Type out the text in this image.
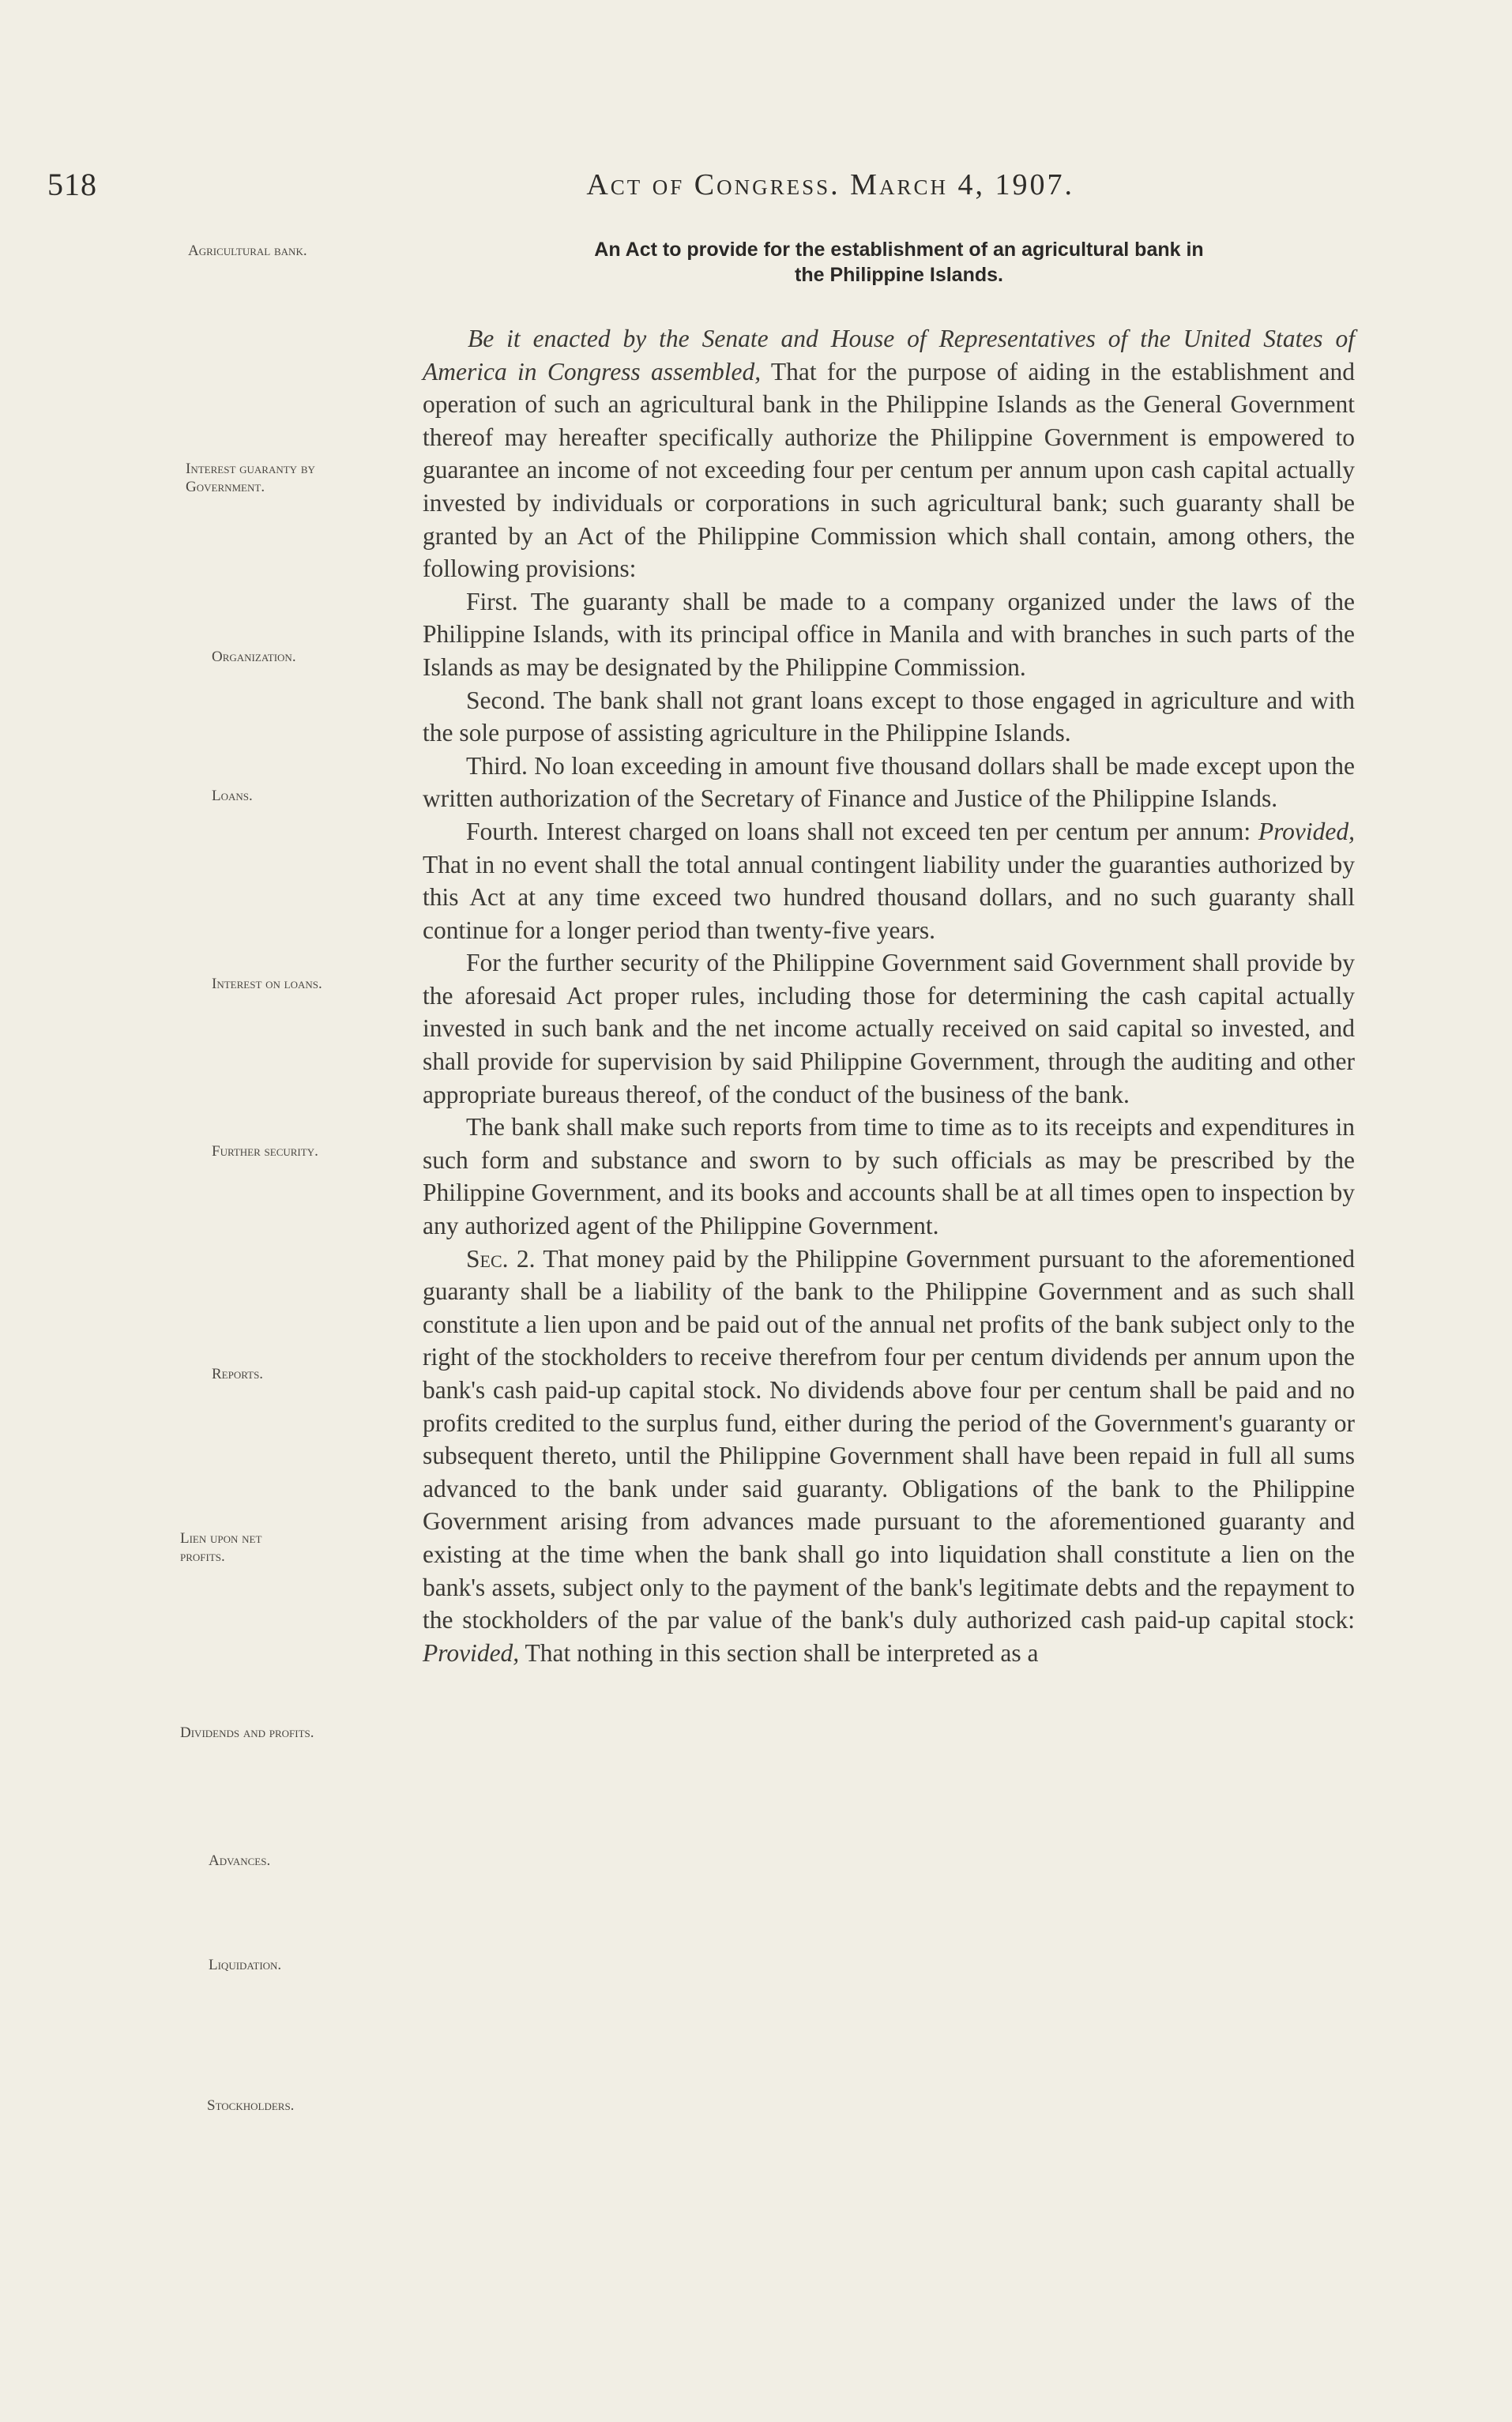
518	Act of Congress. March 4, 1907.
An Act to provide for the establishment of an agricultural bank in
the Philippine Islands.
Agricultural bank.
Interest guaranty by Government.
Organization.
Loans.
Interest on loans.
Further security.
Reports.
Lien upon net profits.
Dividends and profits.
Advances.
Liquidation.
Stockholders.

Be it enacted by the Senate and House of Representatives of the United States of America in Congress assembled, That for the purpose of aiding in the establishment and operation of such an agricultural bank in the Philippine Islands as the General Government thereof may hereafter specifically authorize the Philippine Government is empowered to guarantee an income of not exceeding four per centum per annum upon cash capital actually invested by individuals or corporations in such agricultural bank; such guaranty shall be granted by an Act of the Philippine Commission which shall contain, among others, the following provisions:

First. The guaranty shall be made to a company organized under the laws of the Philippine Islands, with its principal office in Manila and with branches in such parts of the Islands as may be designated by the Philippine Commission.

Second. The bank shall not grant loans except to those engaged in agriculture and with the sole purpose of assisting agriculture in the Philippine Islands.

Third. No loan exceeding in amount five thousand dollars shall be made except upon the written authorization of the Secretary of Finance and Justice of the Philippine Islands.

Fourth. Interest charged on loans shall not exceed ten per centum per annum: Provided, That in no event shall the total annual contingent liability under the guaranties authorized by this Act at any time exceed two hundred thousand dollars, and no such guaranty shall continue for a longer period than twenty-five years.

For the further security of the Philippine Government said Government shall provide by the aforesaid Act proper rules, including those for determining the cash capital actually invested in such bank and the net income actually received on said capital so invested, and shall provide for supervision by said Philippine Government, through the auditing and other appropriate bureaus thereof, of the conduct of the business of the bank.

The bank shall make such reports from time to time as to its receipts and expenditures in such form and substance and sworn to by such officials as may be prescribed by the Philippine Government, and its books and accounts shall be at all times open to inspection by any authorized agent of the Philippine Government.

Sec. 2. That money paid by the Philippine Government pursuant to the aforementioned guaranty shall be a liability of the bank to the Philippine Government and as such shall constitute a lien upon and be paid out of the annual net profits of the bank subject only to the right of the stockholders to receive therefrom four per centum dividends per annum upon the bank's cash paid-up capital stock. No dividends above four per centum shall be paid and no profits credited to the surplus fund, either during the period of the Government's guaranty or subsequent thereto, until the Philippine Government shall have been repaid in full all sums advanced to the bank under said guaranty. Obligations of the bank to the Philippine Government arising from advances made pursuant to the aforementioned guaranty and existing at the time when the bank shall go into liquidation shall constitute a lien on the bank's assets, subject only to the payment of the bank's legitimate debts and the repayment to the stockholders of the par value of the bank's duly authorized cash paid-up capital stock: Provided, That nothing in this section shall be interpreted as a
